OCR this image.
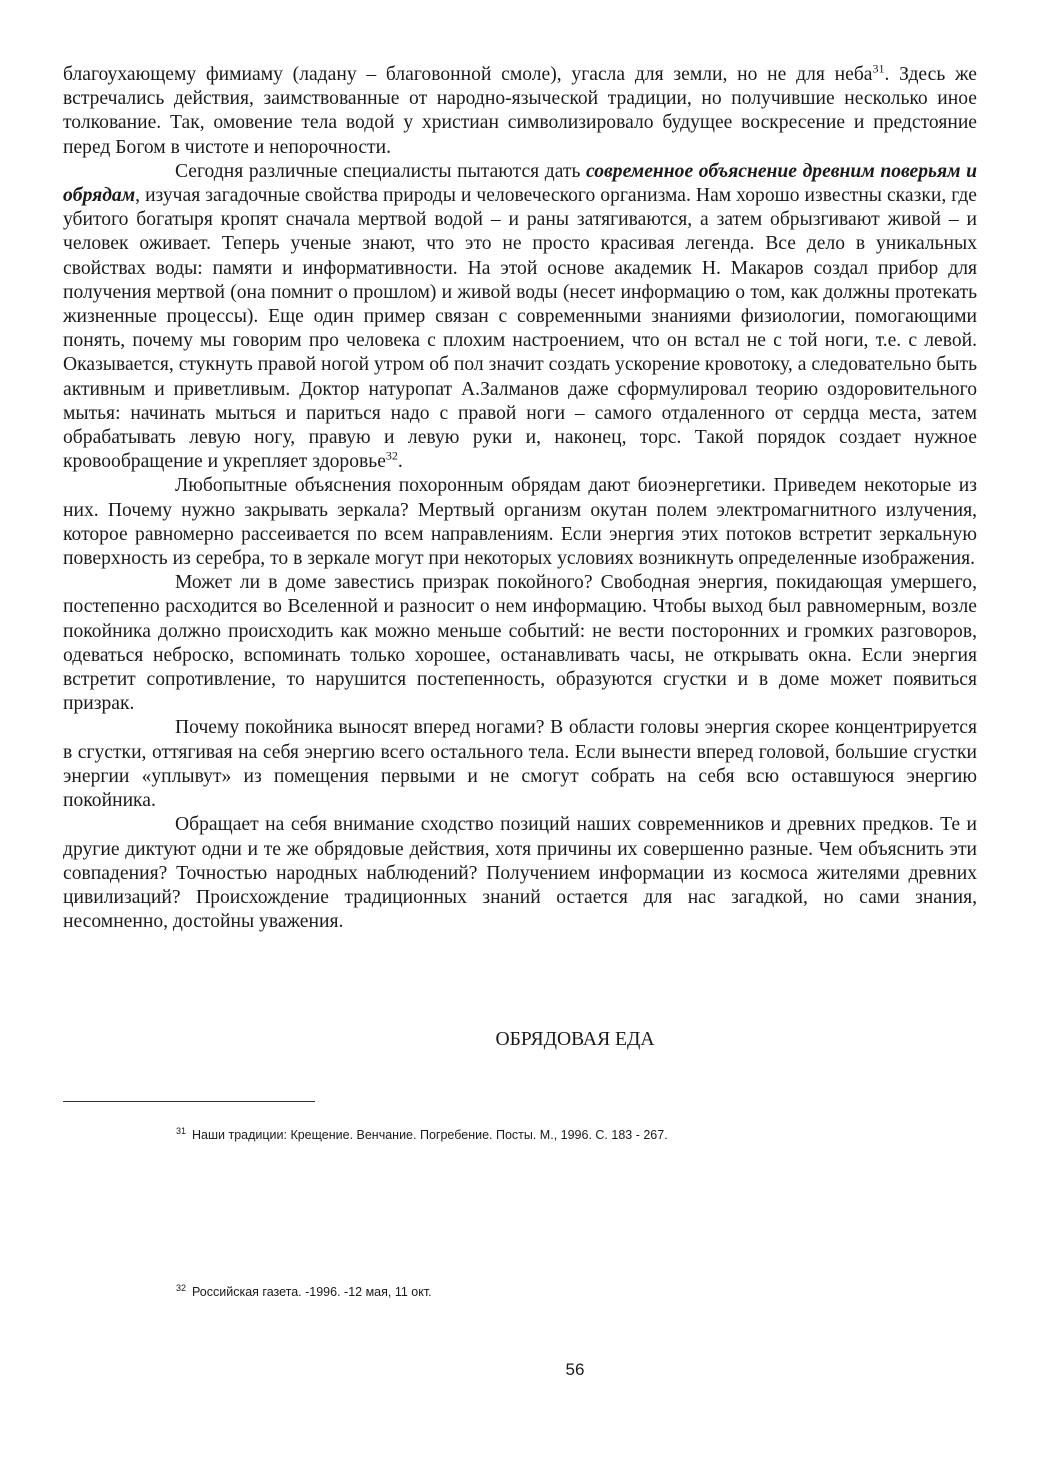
благоухающему фимиаму (ладану – благовонной смоле), угасла для земли, но не для неба$^{31}$. Здесь же встречались действия, заимствованные от народно-языческой традиции, но получившие несколько иное толкование. Так, омовение тела водой у христиан символизировало будущее воскресение и предстояние перед Богом в чистоте и непорочности.

Сегодня различные специалисты пытаются дать современное объяснение древним поверьям и обрядам, изучая загадочные свойства природы и человеческого организма. Нам хорошо известны сказки, где убитого богатыря кропят сначала мертвой водой – и раны затягиваются, а затем обрызгивают живой – и человек оживает. Теперь ученые знают, что это не просто красивая легенда. Все дело в уникальных свойствах воды: памяти и информативности. На этой основе академик Н. Макаров создал прибор для получения мертвой (она помнит о прошлом) и живой воды (несет информацию о том, как должны протекать жизненные процессы). Еще один пример связан с современными знаниями физиологии, помогающими понять, почему мы говорим про человека с плохим настроением, что он встал не с той ноги, т.е. с левой. Оказывается, стукнуть правой ногой утром об пол значит создать ускорение кровотоку, а следовательно быть активным и приветливым. Доктор натуропат А.Залманов даже сформулировал теорию оздоровительного мытья: начинать мыться и париться надо с правой ноги – самого отдаленного от сердца места, затем обрабатывать левую ногу, правую и левую руки и, наконец, торс. Такой порядок создает нужное кровообращение и укрепляет здоровье$^{32}$.

Любопытные объяснения похоронным обрядам дают биоэнергетики. Приведем некоторые из них. Почему нужно закрывать зеркала? Мертвый организм окутан полем электромагнитного излучения, которое равномерно рассеивается по всем направлениям. Если энергия этих потоков встретит зеркальную поверхность из серебра, то в зеркале могут при некоторых условиях возникнуть определенные изображения.

Может ли в доме завестись призрак покойного? Свободная энергия, покидающая умершего, постепенно расходится во Вселенной и разносит о нем информацию. Чтобы выход был равномерным, возле покойника должно происходить как можно меньше событий: не вести посторонних и громких разговоров, одеваться неброско, вспоминать только хорошее, останавливать часы, не открывать окна. Если энергия встретит сопротивление, то нарушится постепенность, образуются сгустки и в доме может появиться призрак.

Почему покойника выносят вперед ногами? В области головы энергия скорее концентрируется в сгустки, оттягивая на себя энергию всего остального тела. Если вынести вперед головой, большие сгустки энергии «уплывут» из помещения первыми и не смогут собрать на себя всю оставшуюся энергию покойника.

Обращает на себя внимание сходство позиций наших современников и древних предков. Те и другие диктуют одни и те же обрядовые действия, хотя причины их совершенно разные. Чем объяснить эти совпадения? Точностью народных наблюдений? Получением информации из космоса жителями древних цивилизаций? Происхождение традиционных знаний остается для нас загадкой, но сами знания, несомненно, достойны уважения.

ОБРЯДОВАЯ ЕДА
$^{31}$ Наши традиции: Крещение. Венчание. Погребение. Посты. М., 1996. С. 183 - 267.
$^{32}$ Российская газета. -1996. -12 мая, 11 окт.
56
